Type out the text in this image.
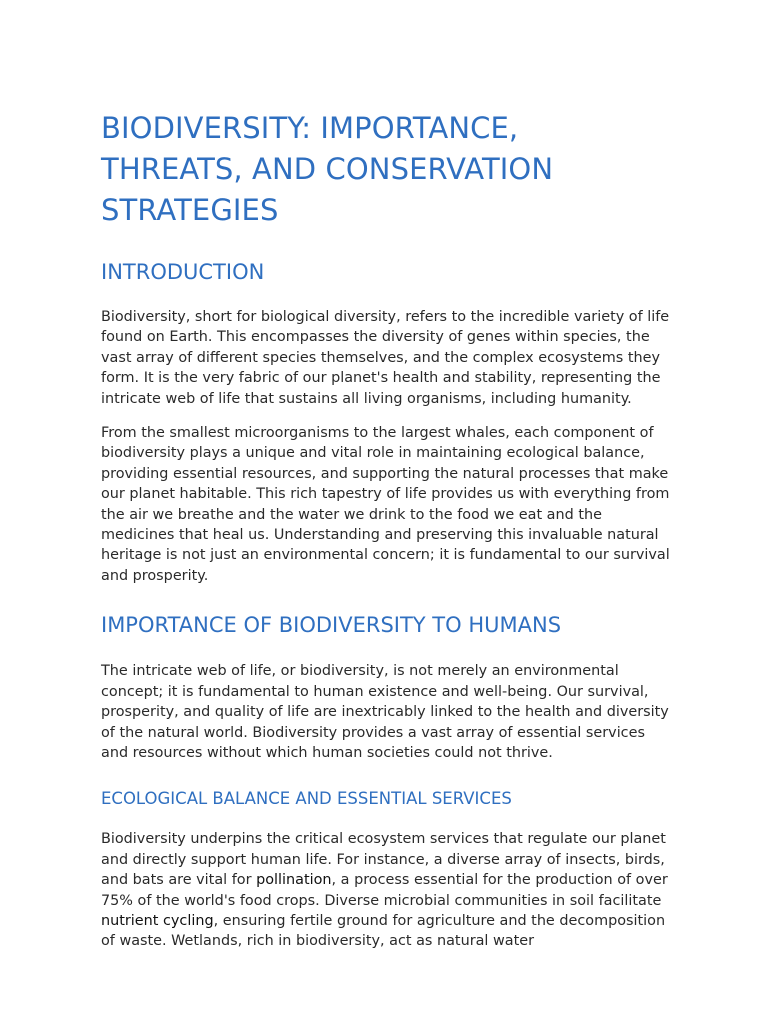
BIODIVERSITY: IMPORTANCE,
THREATS, AND CONSERVATION
STRATEGIES
INTRODUCTION

Biodiversity, short for biological diversity, refers to the incredible variety of life found on Earth. This encompasses the diversity of genes within species, the vast array of different species themselves, and the complex ecosystems they form. It is the very fabric of our planet's health and stability, representing the intricate web of life that sustains all living organisms, including humanity.

From the smallest microorganisms to the largest whales, each component of biodiversity plays a unique and vital role in maintaining ecological balance, providing essential resources, and supporting the natural processes that make our planet habitable. This rich tapestry of life provides us with everything from the air we breathe and the water we drink to the food we eat and the medicines that heal us. Understanding and preserving this invaluable natural heritage is not just an environmental concern; it is fundamental to our survival and prosperity.

IMPORTANCE OF BIODIVERSITY TO HUMANS

The intricate web of life, or biodiversity, is not merely an environmental concept; it is fundamental to human existence and well-being. Our survival, prosperity, and quality of life are inextricably linked to the health and diversity of the natural world. Biodiversity provides a vast array of essential services and resources without which human societies could not thrive.

ECOLOGICAL BALANCE AND ESSENTIAL SERVICES

Biodiversity underpins the critical ecosystem services that regulate our planet and directly support human life. For instance, a diverse array of insects, birds, and bats are vital for pollination, a process essential for the production of over 75% of the world's food crops. Diverse microbial communities in soil facilitate nutrient cycling, ensuring fertile ground for agriculture and the decomposition of waste. Wetlands, rich in biodiversity, act as natural water
